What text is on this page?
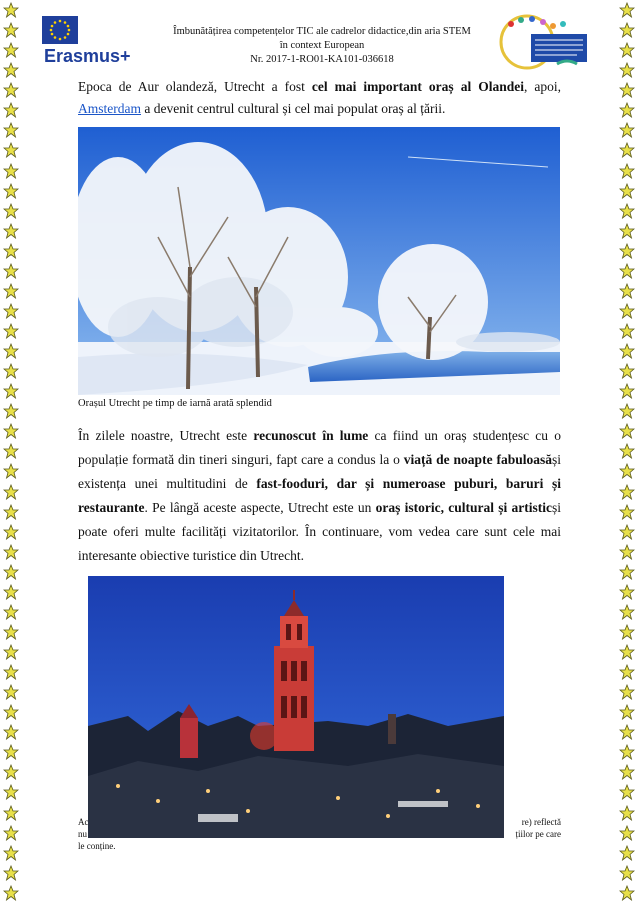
Erasmus+
Îmbunătățirea competențelor TIC ale cadrelor didactice,din aria STEM
în context European
Nr. 2017-1-RO01-KA101-036618
Epoca de Aur olandeză, Utrecht a fost cel mai important oraș al Olandei, apoi, Amsterdam a devenit centrul cultural și cel mai populat oraș al țării.
Orașul Utrecht pe timp de iarnă arată splendid
În zilele noastre, Utrecht este recunoscut în lume ca fiind un oraș studențesc cu o populație formată din tineri singuri, fapt care a condus la o viață de noapte fabuloasăși existența unei multitudini de fast-fooduri, dar și numeroase puburi, baruri și restaurante. Pe lângă aceste aspecte, Utrecht este un oraș istoric, cultural și artisticși poate oferi multe facilități vizitatorilor. În continuare, vom vedea care sunt cele mai interesante obiective turistice din Utrecht.
Ac
nu
le conține.
re) reflectă
țiilor pe care
